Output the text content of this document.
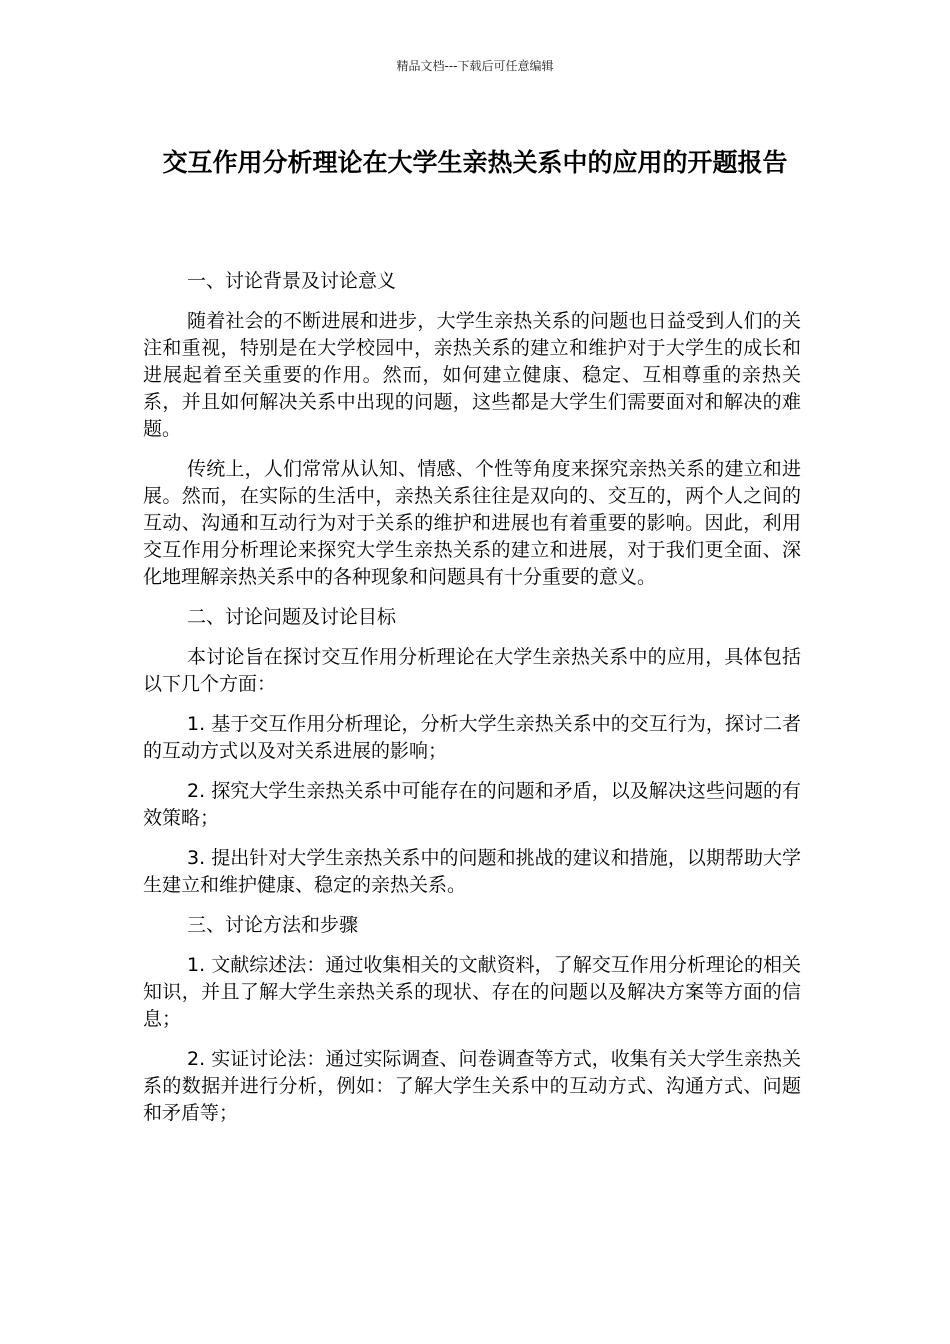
精品文档---下载后可任意编辑
交互作用分析理论在大学生亲热关系中的应用的开题报告

一、讨论背景及讨论意义

随着社会的不断进展和进步，大学生亲热关系的问题也日益受到人们的关注和重视，特别是在大学校园中，亲热关系的建立和维护对于大学生的成长和进展起着至关重要的作用。然而，如何建立健康、稳定、互相尊重的亲热关系，并且如何解决关系中出现的问题，这些都是大学生们需要面对和解决的难题。

传统上，人们常常从认知、情感、个性等角度来探究亲热关系的建立和进展。然而，在实际的生活中，亲热关系往往是双向的、交互的，两个人之间的互动、沟通和互动行为对于关系的维护和进展也有着重要的影响。因此，利用交互作用分析理论来探究大学生亲热关系的建立和进展，对于我们更全面、深化地理解亲热关系中的各种现象和问题具有十分重要的意义。

二、讨论问题及讨论目标

本讨论旨在探讨交互作用分析理论在大学生亲热关系中的应用，具体包括以下几个方面：

1. 基于交互作用分析理论，分析大学生亲热关系中的交互行为，探讨二者的互动方式以及对关系进展的影响；

2. 探究大学生亲热关系中可能存在的问题和矛盾，以及解决这些问题的有效策略；

3. 提出针对大学生亲热关系中的问题和挑战的建议和措施，以期帮助大学生建立和维护健康、稳定的亲热关系。

三、讨论方法和步骤

1. 文献综述法：通过收集相关的文献资料，了解交互作用分析理论的相关知识，并且了解大学生亲热关系的现状、存在的问题以及解决方案等方面的信息；

2. 实证讨论法：通过实际调查、问卷调查等方式，收集有关大学生亲热关系的数据并进行分析，例如：了解大学生关系中的互动方式、沟通方式、问题和矛盾等；
